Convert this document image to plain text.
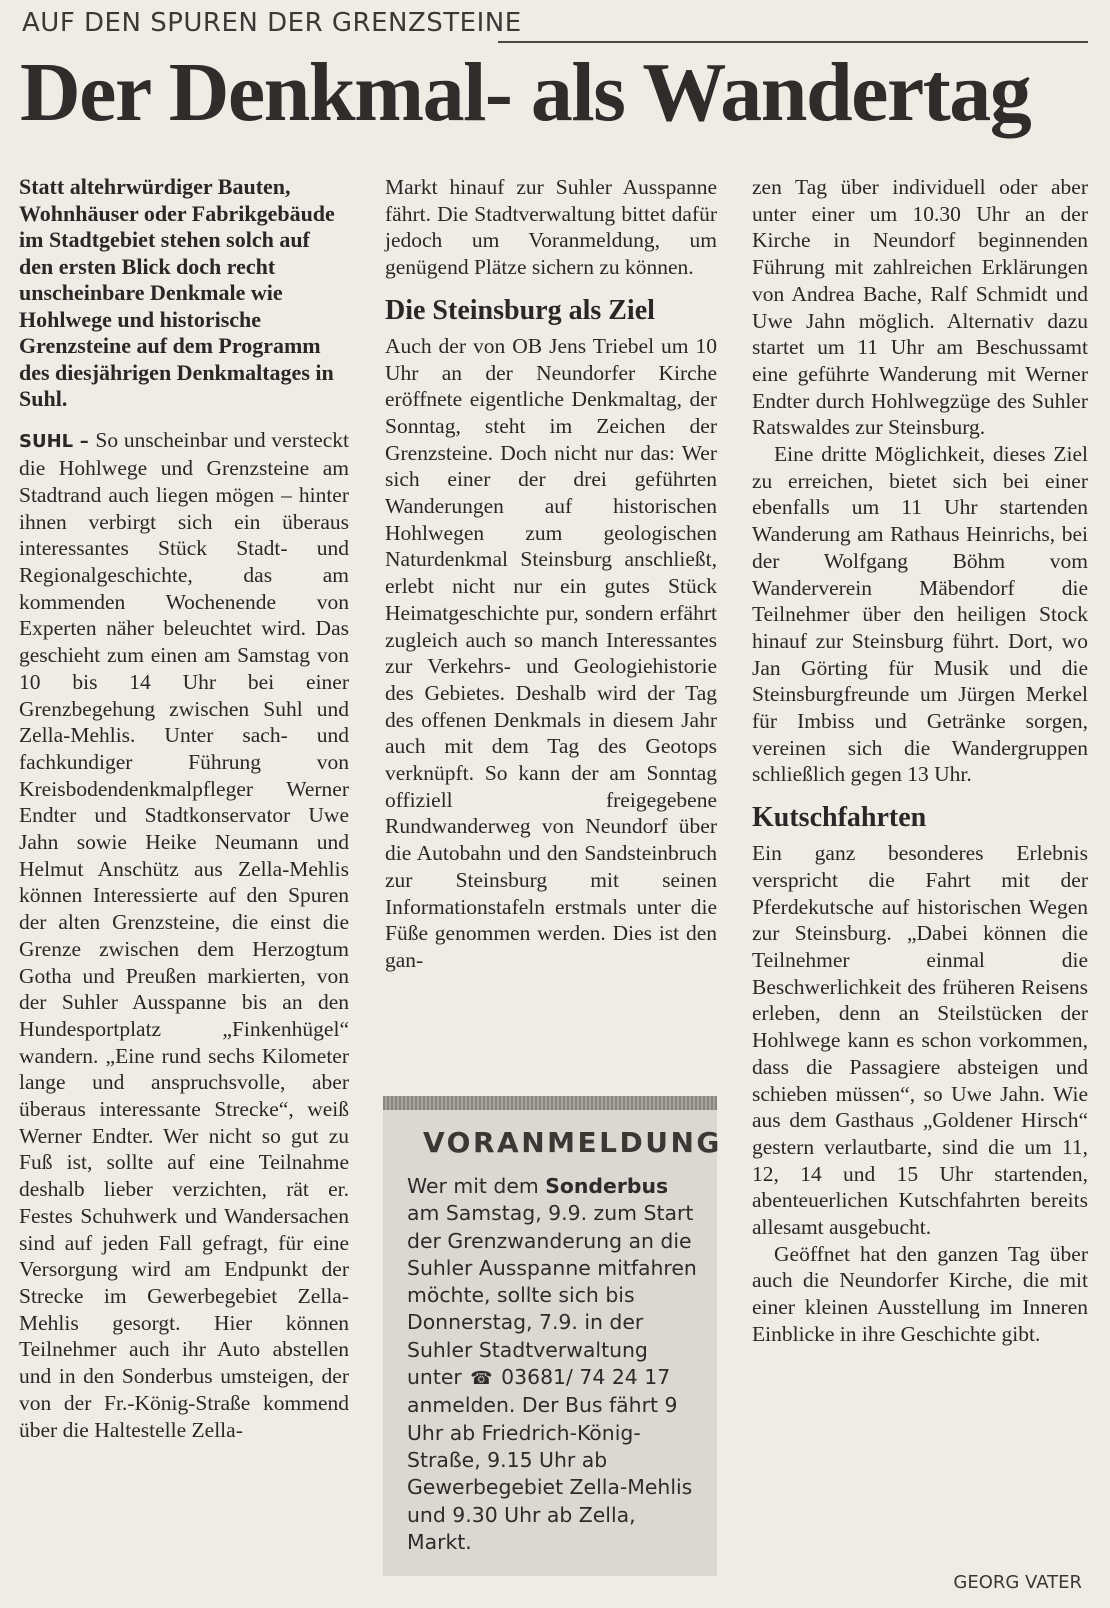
AUF DEN SPUREN DER GRENZSTEINE
Der Denkmal- als Wandertag

Statt altehrwürdiger Bauten, Wohnhäuser oder Fabrikgebäude im Stadtgebiet stehen solch auf den ersten Blick doch recht unscheinbare Denkmale wie Hohlwege und historische Grenzsteine auf dem Programm des diesjährigen Denkmaltages in Suhl.

SUHL – So unscheinbar und versteckt die Hohlwege und Grenzsteine am Stadtrand auch liegen mögen – hinter ihnen verbirgt sich ein überaus interessantes Stück Stadt- und Regionalgeschichte, das am kommenden Wochenende von Experten näher beleuchtet wird. Das geschieht zum einen am Samstag von 10 bis 14 Uhr bei einer Grenzbegehung zwischen Suhl und Zella-Mehlis. Unter sach- und fachkundiger Führung von Kreisbodendenkmalpfleger Werner Endter und Stadtkonservator Uwe Jahn sowie Heike Neumann und Helmut Anschütz aus Zella-Mehlis können Interessierte auf den Spuren der alten Grenzsteine, die einst die Grenze zwischen dem Herzogtum Gotha und Preußen markierten, von der Suhler Ausspanne bis an den Hundesportplatz „Finkenhügel“ wandern. „Eine rund sechs Kilometer lange und anspruchsvolle, aber überaus interessante Strecke“, weiß Werner Endter. Wer nicht so gut zu Fuß ist, sollte auf eine Teilnahme deshalb lieber verzichten, rät er. Festes Schuhwerk und Wandersachen sind auf jeden Fall gefragt, für eine Versorgung wird am Endpunkt der Strecke im Gewerbegebiet Zella-Mehlis gesorgt. Hier können Teilnehmer auch ihr Auto abstellen und in den Sonderbus umsteigen, der von der Fr.-König-Straße kommend über die Haltestelle Zella-

Markt hinauf zur Suhler Ausspanne fährt. Die Stadtverwaltung bittet dafür jedoch um Voranmeldung, um genügend Plätze sichern zu können.

Die Steinsburg als Ziel

Auch der von OB Jens Triebel um 10 Uhr an der Neundorfer Kirche eröffnete eigentliche Denkmaltag, der Sonntag, steht im Zeichen der Grenzsteine. Doch nicht nur das: Wer sich einer der drei geführten Wanderungen auf historischen Hohlwegen zum geologischen Naturdenkmal Steinsburg anschließt, erlebt nicht nur ein gutes Stück Heimatgeschichte pur, sondern erfährt zugleich auch so manch Interessantes zur Verkehrs- und Geologiehistorie des Gebietes. Deshalb wird der Tag des offenen Denkmals in diesem Jahr auch mit dem Tag des Geotops verknüpft. So kann der am Sonntag offiziell freigegebene Rundwanderweg von Neundorf über die Autobahn und den Sandsteinbruch zur Steinsburg mit seinen Informationstafeln erstmals unter die Füße genommen werden. Dies ist den gan-

VORANMELDUNG
Wer mit dem Sonderbus am Samstag, 9.9. zum Start der Grenzwanderung an die Suhler Ausspanne mitfahren möchte, sollte sich bis Donnerstag, 7.9. in der Suhler Stadtverwaltung unter ☎ 03681/ 74 24 17 anmelden. Der Bus fährt 9 Uhr ab Friedrich-König-Straße, 9.15 Uhr ab Gewerbegebiet Zella-Mehlis und 9.30 Uhr ab Zella, Markt.

zen Tag über individuell oder aber unter einer um 10.30 Uhr an der Kirche in Neundorf beginnenden Führung mit zahlreichen Erklärungen von Andrea Bache, Ralf Schmidt und Uwe Jahn möglich. Alternativ dazu startet um 11 Uhr am Beschussamt eine geführte Wanderung mit Werner Endter durch Hohlwegzüge des Suhler Ratswaldes zur Steinsburg.

Eine dritte Möglichkeit, dieses Ziel zu erreichen, bietet sich bei einer ebenfalls um 11 Uhr startenden Wanderung am Rathaus Heinrichs, bei der Wolfgang Böhm vom Wanderverein Mäbendorf die Teilnehmer über den heiligen Stock hinauf zur Steinsburg führt. Dort, wo Jan Görting für Musik und die Steinsburgfreunde um Jürgen Merkel für Imbiss und Getränke sorgen, vereinen sich die Wandergruppen schließlich gegen 13 Uhr.

Kutschfahrten

Ein ganz besonderes Erlebnis verspricht die Fahrt mit der Pferdekutsche auf historischen Wegen zur Steinsburg. „Dabei können die Teilnehmer einmal die Beschwerlichkeit des früheren Reisens erleben, denn an Steilstücken der Hohlwege kann es schon vorkommen, dass die Passagiere absteigen und schieben müssen“, so Uwe Jahn. Wie aus dem Gasthaus „Goldener Hirsch“ gestern verlautbarte, sind die um 11, 12, 14 und 15 Uhr startenden, abenteuerlichen Kutschfahrten bereits allesamt ausgebucht.

Geöffnet hat den ganzen Tag über auch die Neundorfer Kirche, die mit einer kleinen Ausstellung im Inneren Einblicke in ihre Geschichte gibt.

GEORG VATER
